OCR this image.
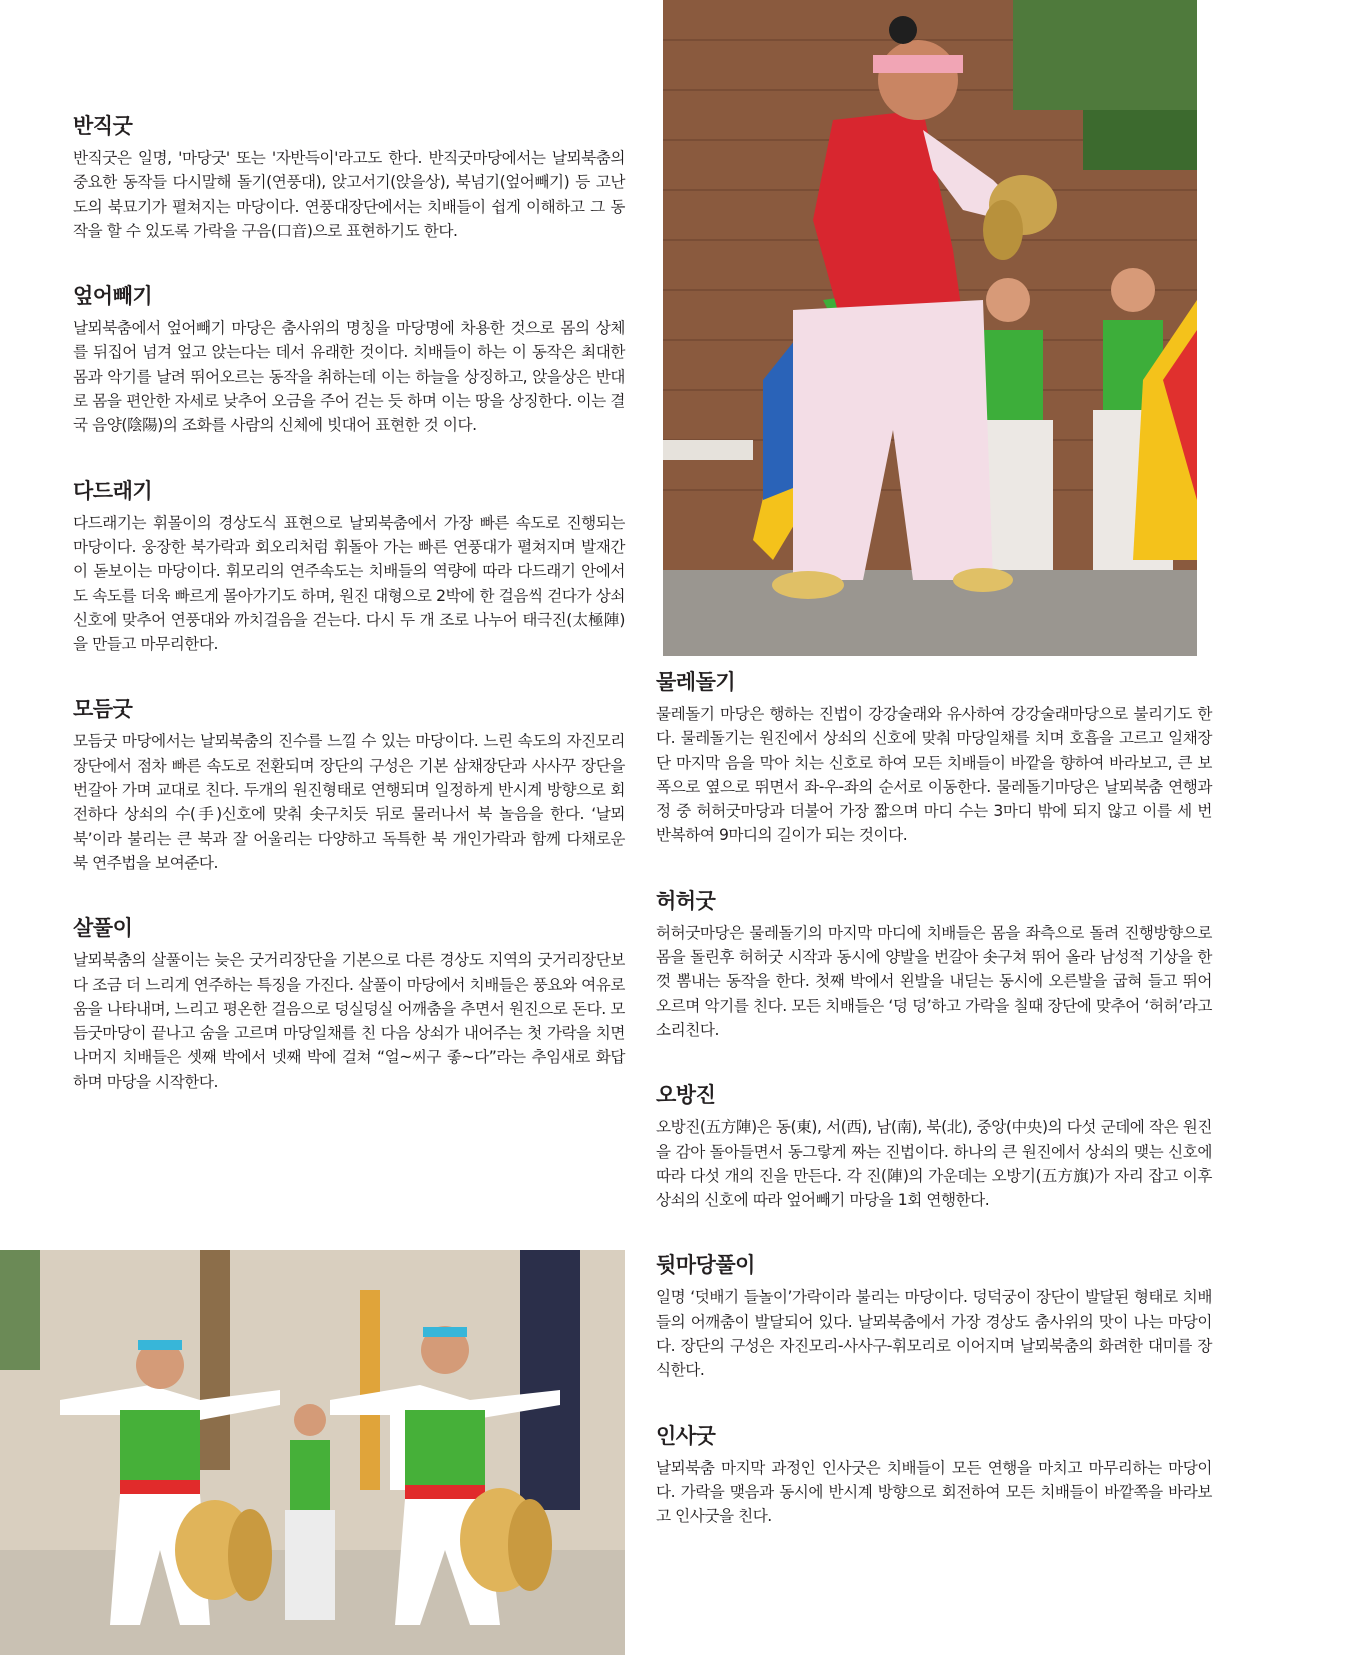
반직굿

반직굿은 일명, '마당굿' 또는 '자반득이'라고도 한다. 반직굿마당에서는 날뫼북춤의 중요한 동작들 다시말해 돌기(연풍대), 앉고서기(앉을상), 북넘기(엎어빼기) 등 고난도의 북묘기가 펼쳐지는 마당이다. 연풍대장단에서는 치배들이 쉽게 이해하고 그 동작을 할 수 있도록 가락을 구음(口音)으로 표현하기도 한다.

엎어빼기

날뫼북춤에서 엎어빼기 마당은 춤사위의 명칭을 마당명에 차용한 것으로 몸의 상체를 뒤집어 넘겨 엎고 앉는다는 데서 유래한 것이다. 치배들이 하는 이 동작은 최대한 몸과 악기를 날려 뛰어오르는 동작을 취하는데 이는 하늘을 상징하고, 앉을상은 반대로 몸을 편안한 자세로 낮추어 오금을 주어 걷는 듯 하며 이는 땅을 상징한다. 이는 결국 음양(陰陽)의 조화를 사람의 신체에 빗대어 표현한 것 이다.

다드래기

다드래기는 휘몰이의 경상도식 표현으로 날뫼북춤에서 가장 빠른 속도로 진행되는 마당이다. 웅장한 북가락과 회오리처럼 휘돌아 가는 빠른 연풍대가 펼쳐지며 발재간이 돋보이는 마당이다. 휘모리의 연주속도는 치배들의 역량에 따라 다드래기 안에서도 속도를 더욱 빠르게 몰아가기도 하며, 원진 대형으로 2박에 한 걸음씩 걷다가 상쇠 신호에 맞추어 연풍대와 까치걸음을 걷는다. 다시 두 개 조로 나누어 태극진(太極陣)을 만들고 마무리한다.

모듬굿

모듬굿 마당에서는 날뫼북춤의 진수를 느낄 수 있는 마당이다. 느린 속도의 자진모리장단에서 점차 빠른 속도로 전환되며 장단의 구성은 기본 삼채장단과 사사꾸 장단을 번갈아 가며 교대로 친다. 두개의 원진형태로 연행되며 일정하게 반시계 방향으로 회전하다 상쇠의 수(手)신호에 맞춰 솟구치듯 뒤로 물러나서 북 놀음을 한다. ‘날뫼북’이라 불리는 큰 북과 잘 어울리는 다양하고 독특한 북 개인가락과 함께 다채로운 북 연주법을 보여준다.

살풀이

날뫼북춤의 살풀이는 늦은 굿거리장단을 기본으로 다른 경상도 지역의 굿거리장단보다 조금 더 느리게 연주하는 특징을 가진다. 살풀이 마당에서 치배들은 풍요와 여유로움을 나타내며, 느리고 평온한 걸음으로 덩실덩실 어깨춤을 추면서 원진으로 돈다. 모듬굿마당이 끝나고 숨을 고르며 마당일채를 친 다음 상쇠가 내어주는 첫 가락을 치면 나머지 치배들은 셋째 박에서 넷째 박에 걸쳐 “얼~씨구 좋~다”라는 추임새로 화답하며 마당을 시작한다.

물레돌기

물레돌기 마당은 행하는 진법이 강강술래와 유사하여 강강술래마당으로 불리기도 한다. 물레돌기는 원진에서 상쇠의 신호에 맞춰 마당일채를 치며 호흡을 고르고 일채장단 마지막 음을 막아 치는 신호로 하여 모든 치배들이 바깥을 향하여 바라보고, 큰 보폭으로 옆으로 뛰면서 좌-우-좌의 순서로 이동한다. 물레돌기마당은 날뫼북춤 연행과정 중 허허굿마당과 더불어 가장 짧으며 마디 수는 3마디 밖에 되지 않고 이를 세 번 반복하여 9마디의 길이가 되는 것이다.

허허굿

허허굿마당은 물레돌기의 마지막 마디에 치배들은 몸을 좌측으로 돌려 진행방향으로 몸을 돌린후 허허굿 시작과 동시에 양발을 번갈아 솟구쳐 뛰어 올라 남성적 기상을 한껏 뽐내는 동작을 한다. 첫째 박에서 왼발을 내딛는 동시에 오른발을 굽혀 들고 뛰어 오르며 악기를 친다. 모든 치배들은 ‘덩 덩’하고 가락을 칠때 장단에 맞추어 ‘허허’라고 소리친다.

오방진

오방진(五方陣)은 동(東), 서(西), 남(南), 북(北), 중앙(中央)의 다섯 군데에 작은 원진을 감아 돌아들면서 동그랗게 짜는 진법이다. 하나의 큰 원진에서 상쇠의 맺는 신호에 따라 다섯 개의 진을 만든다. 각 진(陣)의 가운데는 오방기(五方旗)가 자리 잡고 이후 상쇠의 신호에 따라 엎어빼기 마당을 1회 연행한다.

뒷마당풀이

일명 ‘덧배기 들놀이’가락이라 불리는 마당이다. 덩덕궁이 장단이 발달된 형태로 치배들의 어깨춤이 발달되어 있다. 날뫼북춤에서 가장 경상도 춤사위의 맛이 나는 마당이다. 장단의 구성은 자진모리-사사구-휘모리로 이어지며 날뫼북춤의 화려한 대미를 장식한다.

인사굿

날뫼북춤 마지막 과정인 인사굿은 치배들이 모든 연행을 마치고 마무리하는 마당이다. 가락을 맺음과 동시에 반시계 방향으로 회전하여 모든 치배들이 바깥쪽을 바라보고 인사굿을 친다.
